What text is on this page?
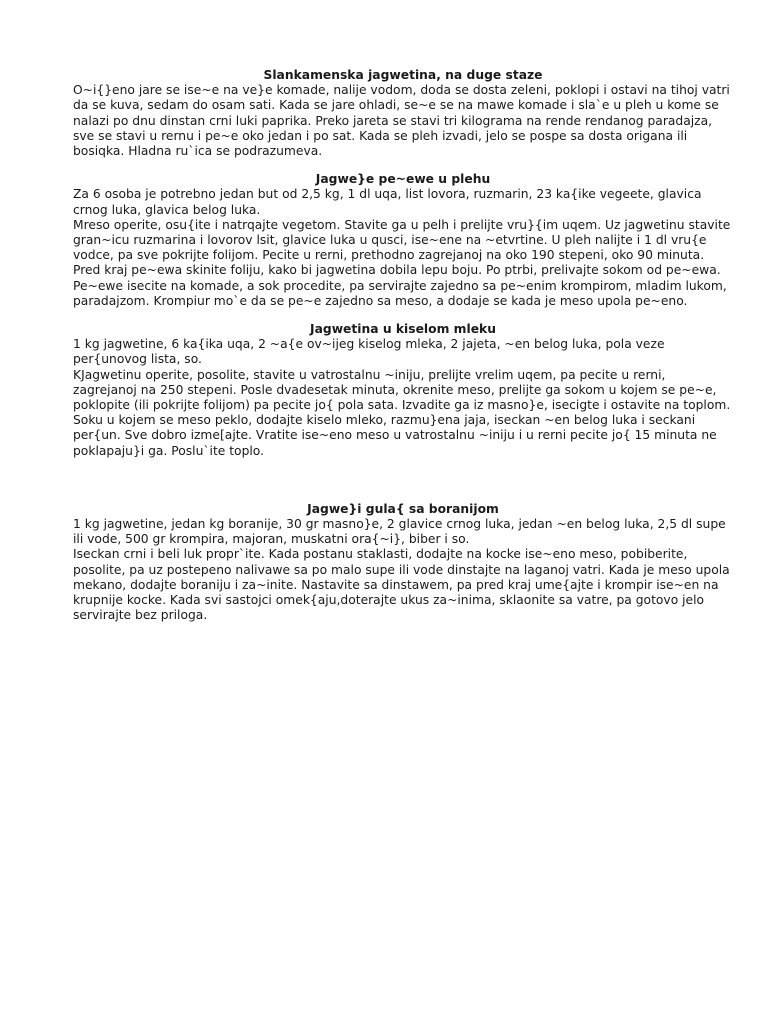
Slankamenska jagwetina, na duge staze

O~i{}eno jare se ise~e na ve}e komade, nalije vodom, doda se dosta zeleni, poklopi i ostavi na tihoj vatri da se kuva, sedam do osam sati. Kada se jare ohladi, se~e se na mawe komade i sla`e u pleh u kome se nalazi po dnu dinstan crni luki paprika. Preko jareta se stavi tri kilograma na rende rendanog paradajza, sve se stavi u rernu i pe~e oko jedan i po sat. Kada se pleh izvadi, jelo se pospe sa dosta origana ili bosiqka. Hladna ru`ica se podrazumeva.

Jagwe}e pe~ewe u plehu

Za 6 osoba je potrebno jedan but od 2,5 kg, 1 dl uqa, list lovora, ruzmarin, 23 ka{ike vegeete, glavica crnog luka, glavica belog luka.

Mreso operite, osu{ite i natrqajte vegetom. Stavite ga u pelh i prelijte vru}{im uqem. Uz jagwetinu stavite gran~icu ruzmarina i lovorov lsit, glavice luka u qusci, ise~ene na ~etvrtine. U pleh nalijte i 1 dl vru{e vodce, pa sve pokrijte folijom. Pecite u rerni, prethodno zagrejanoj na oko 190 stepeni, oko 90 minuta. Pred kraj pe~ewa skinite foliju, kako bi jagwetina dobila lepu boju. Po ptrbi, prelivajte sokom od pe~ewa. Pe~ewe isecite na komade, a sok procedite, pa servirajte zajedno sa pe~enim krompirom, mladim lukom, paradajzom. Krompiur mo`e da se pe~e zajedno sa meso, a dodaje se kada je meso upola pe~eno.

Jagwetina u kiselom mleku

1 kg jagwetine, 6 ka{ika uqa, 2 ~a{e ov~ijeg kiselog mleka, 2 jajeta, ~en belog luka, pola veze per{unovog lista, so.

KJagwetinu operite, posolite, stavite u vatrostalnu ~iniju, prelijte vrelim uqem, pa pecite u rerni, zagrejanoj na 250 stepeni. Posle dvadesetak minuta, okrenite meso, prelijte ga sokom u kojem se pe~e, poklopite (ili pokrijte folijom) pa pecite jo{ pola sata. Izvadite ga iz masno}e, isecigte i ostavite na toplom. Soku u kojem se meso peklo, dodajte kiselo mleko, razmu}ena jaja, iseckan ~en belog luka i seckani per{un. Sve dobro izme[ajte. Vratite ise~eno meso u vatrostalnu ~iniju i u rerni pecite jo{ 15 minuta ne poklapaju}i ga. Poslu`ite toplo.

Jagwe}i gula{ sa boranijom

1 kg jagwetine, jedan kg boranije, 30 gr masno}e, 2 glavice crnog luka, jedan ~en belog luka, 2,5 dl supe ili vode, 500 gr krompira, majoran, muskatni ora{~i}, biber i so.

Iseckan crni i beli luk propr`ite. Kada postanu staklasti, dodajte na kocke ise~eno meso, pobiberite, posolite, pa uz postepeno nalivawe sa po malo supe ili vode dinstajte na laganoj vatri. Kada je meso upola mekano, dodajte boraniju i za~inite. Nastavite sa dinstawem, pa pred kraj ume{ajte i krompir ise~en na krupnije kocke. Kada svi sastojci omek{aju,doterajte ukus za~inima, sklaonite sa vatre, pa gotovo jelo servirajte bez priloga.
